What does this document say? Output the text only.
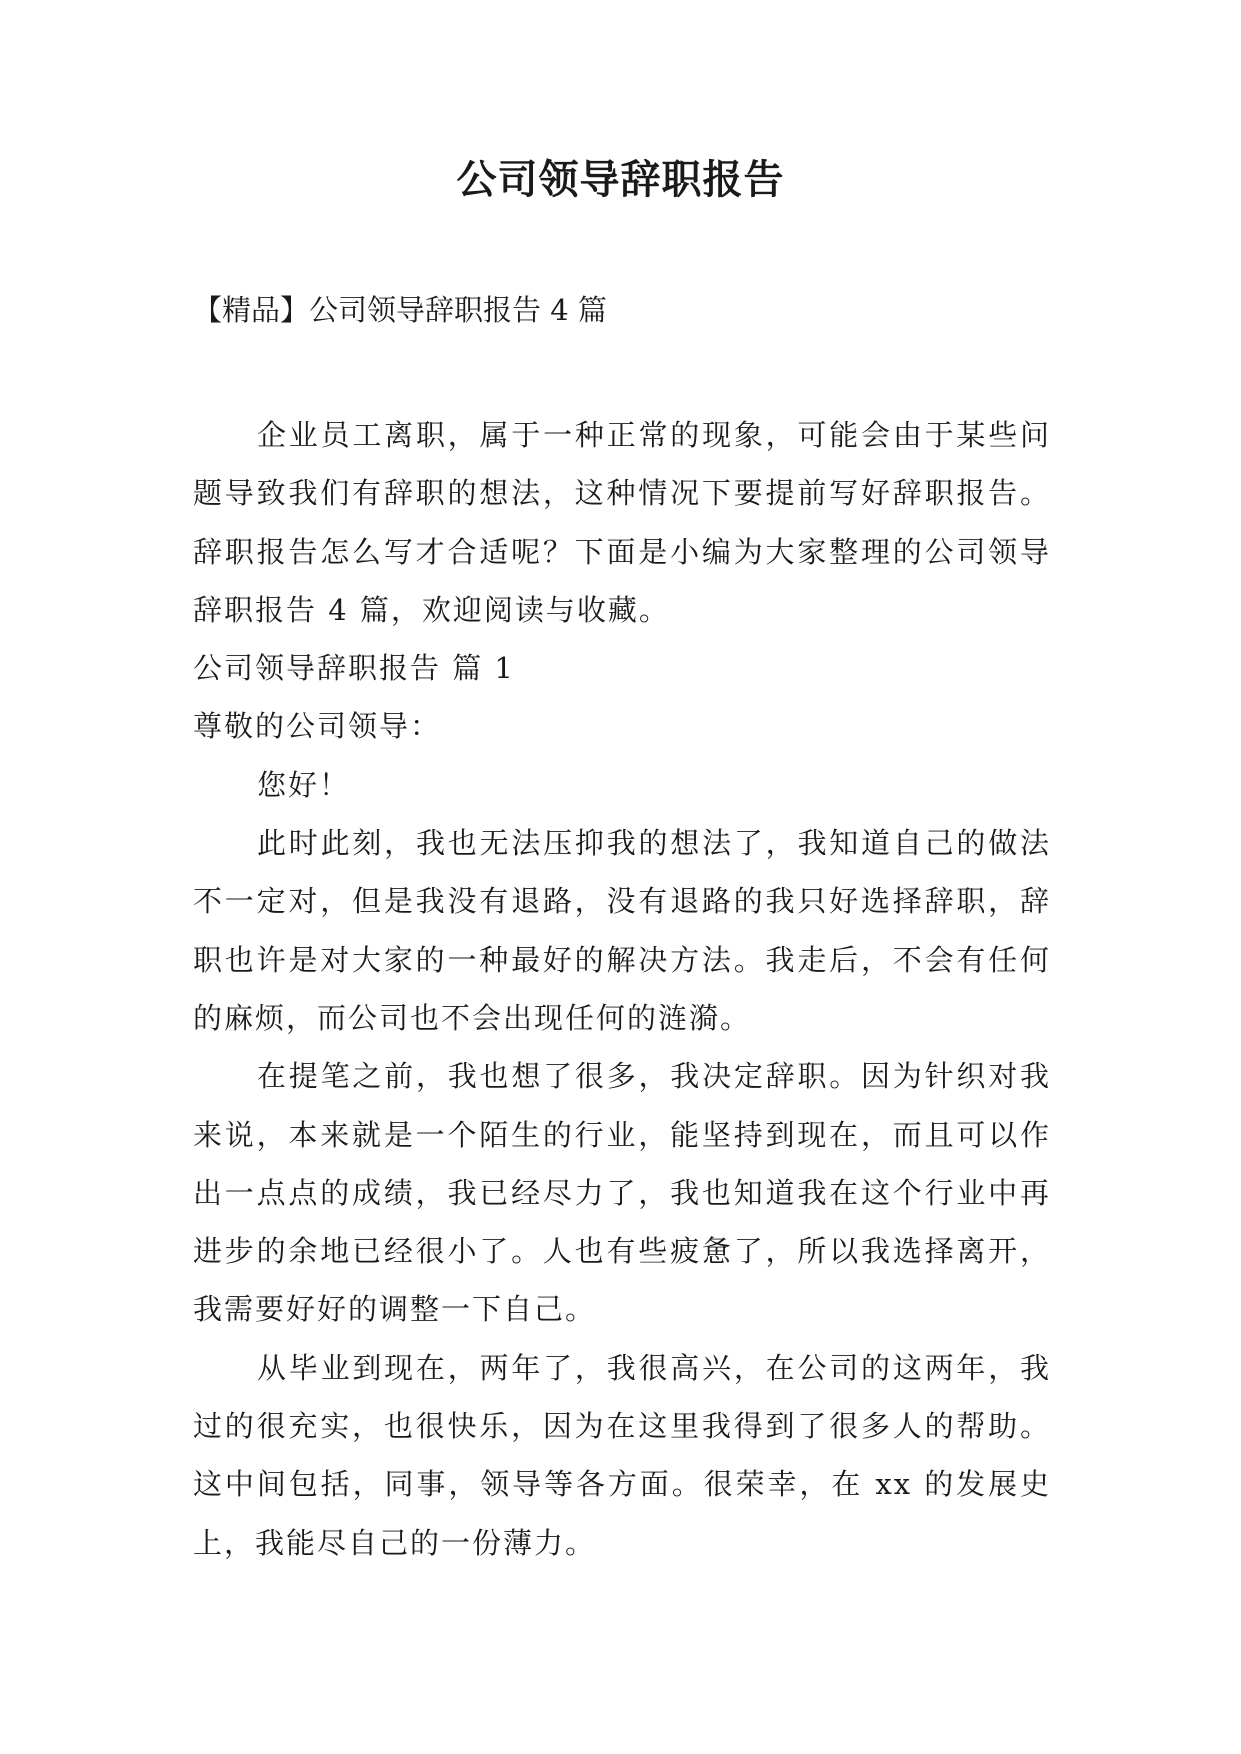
公司领导辞职报告

【精品】公司领导辞职报告 4 篇

企业员工离职，属于一种正常的现象，可能会由于某些问题导致我们有辞职的想法，这种情况下要提前写好辞职报告。辞职报告怎么写才合适呢？下面是小编为大家整理的公司领导辞职报告 4 篇，欢迎阅读与收藏。

公司领导辞职报告 篇 1

尊敬的公司领导：

您好！

此时此刻，我也无法压抑我的想法了，我知道自己的做法不一定对，但是我没有退路，没有退路的我只好选择辞职，辞职也许是对大家的一种最好的解决方法。我走后，不会有任何的麻烦，而公司也不会出现任何的涟漪。

在提笔之前，我也想了很多，我决定辞职。因为针织对我来说，本来就是一个陌生的行业，能坚持到现在，而且可以作出一点点的成绩，我已经尽力了，我也知道我在这个行业中再进步的余地已经很小了。人也有些疲惫了，所以我选择离开，我需要好好的调整一下自己。

从毕业到现在，两年了，我很高兴，在公司的这两年，我过的很充实，也很快乐，因为在这里我得到了很多人的帮助。这中间包括，同事，领导等各方面。很荣幸，在 xx 的发展史上，我能尽自己的一份薄力。
